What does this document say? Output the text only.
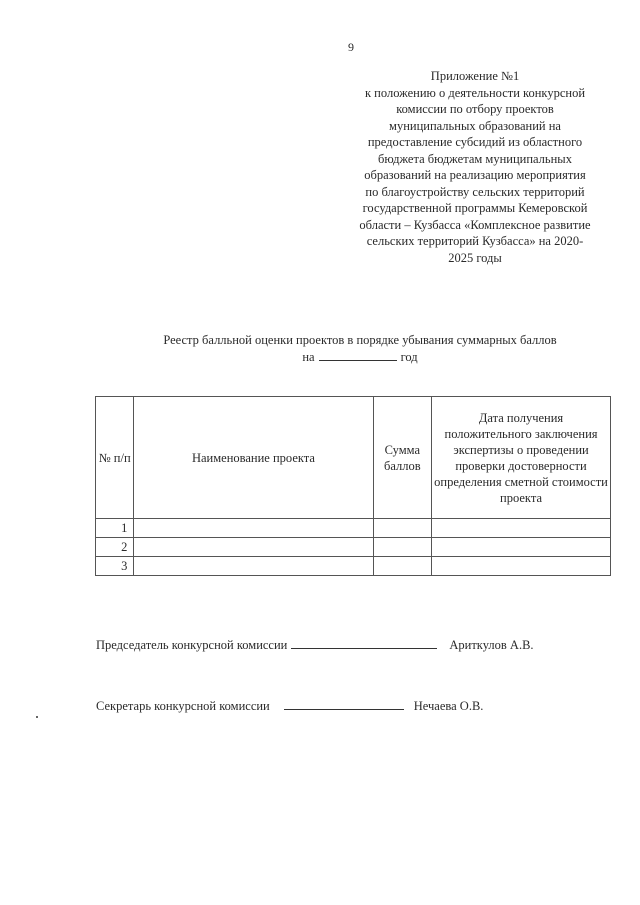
9
Приложение №1
к положению о деятельности конкурсной
комиссии по отбору проектов
муниципальных образований на
предоставление субсидий из областного
бюджета бюджетам муниципальных
образований на реализацию мероприятия
по благоустройству сельских территорий
государственной программы Кемеровской
области – Кузбасса «Комплексное развитие
сельских территорий Кузбасса» на 2020-
2025 годы
Реестр балльной оценки проектов в порядке убывания суммарных баллов
на	год
№ п/п	Наименование проекта	Сумма баллов	Дата получения положительного заключения экспертизы о проведении проверки достоверности определения сметной стоимости проекта
1			
2			
3			
Председатель конкурсной комиссии	Ариткулов А.В.
Секретарь конкурсной комиссии	Нечаева О.В.
